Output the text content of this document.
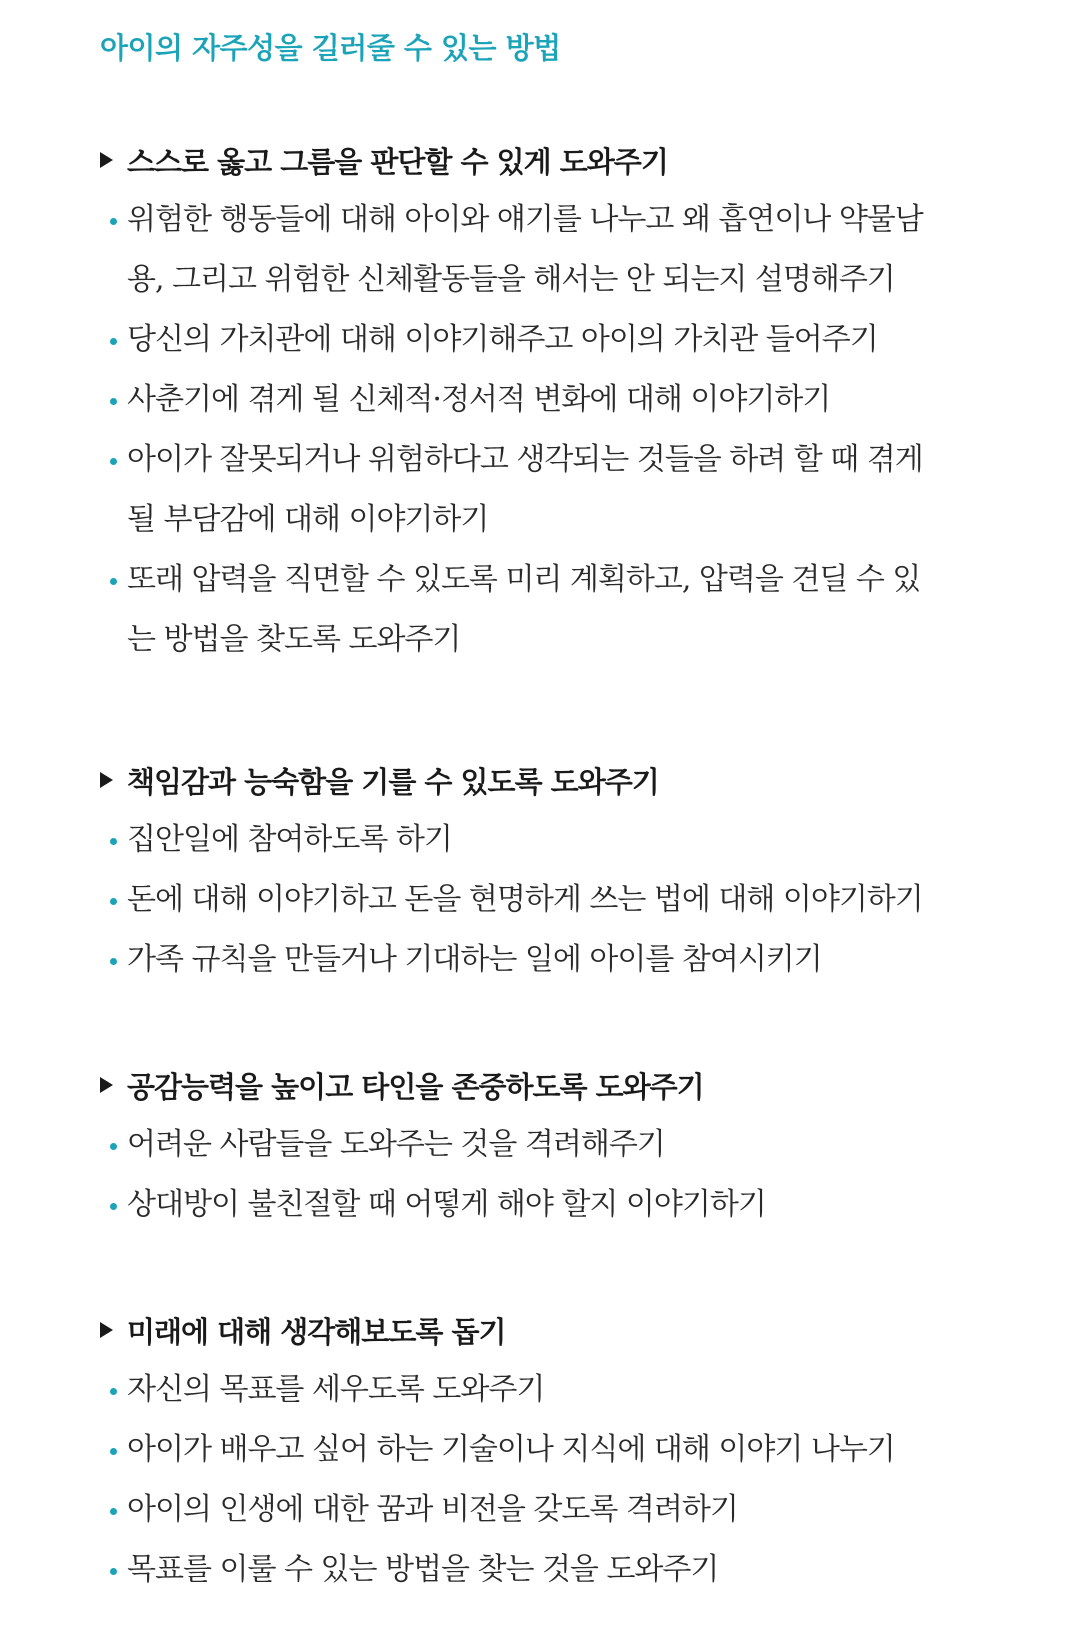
아이의 자주성을 길러줄 수 있는 방법
스스로 옳고 그름을 판단할 수 있게 도와주기
위험한 행동들에 대해 아이와 얘기를 나누고 왜 흡연이나 약물남
용, 그리고 위험한 신체활동들을 해서는 안 되는지 설명해주기
당신의 가치관에 대해 이야기해주고 아이의 가치관 들어주기
사춘기에 겪게 될 신체적·정서적 변화에 대해 이야기하기
아이가 잘못되거나 위험하다고 생각되는 것들을 하려 할 때 겪게
될 부담감에 대해 이야기하기
또래 압력을 직면할 수 있도록 미리 계획하고, 압력을 견딜 수 있
는 방법을 찾도록 도와주기
책임감과 능숙함을 기를 수 있도록 도와주기
집안일에 참여하도록 하기
돈에 대해 이야기하고 돈을 현명하게 쓰는 법에 대해 이야기하기
가족 규칙을 만들거나 기대하는 일에 아이를 참여시키기
공감능력을 높이고 타인을 존중하도록 도와주기
어려운 사람들을 도와주는 것을 격려해주기
상대방이 불친절할 때 어떻게 해야 할지 이야기하기
미래에 대해 생각해보도록 돕기
자신의 목표를 세우도록 도와주기
아이가 배우고 싶어 하는 기술이나 지식에 대해 이야기 나누기
아이의 인생에 대한 꿈과 비전을 갖도록 격려하기
목표를 이룰 수 있는 방법을 찾는 것을 도와주기
